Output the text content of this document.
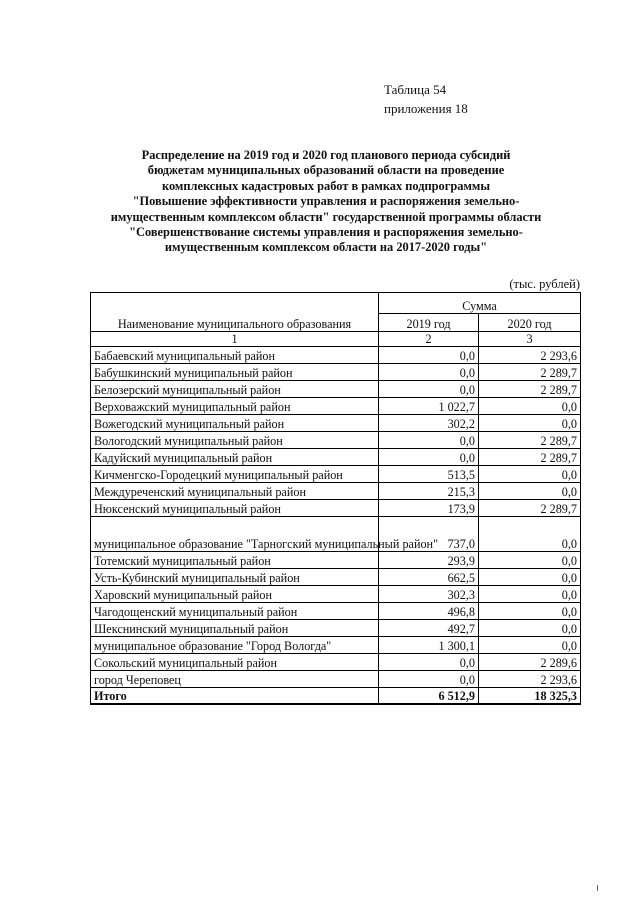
Таблица 54
приложения 18
Распределение на 2019 год и 2020 год планового периода субсидий
бюджетам муниципальных образований области на проведение
комплексных кадастровых работ в рамках подпрограммы
"Повышение эффективности управления и распоряжения земельно-
имущественным комплексом области" государственной программы области
"Совершенствование системы управления и распоряжения земельно-
имущественным комплексом области на 2017-2020 годы"
(тыс. рублей)
Наименование муниципального образования	Сумма	
	2019 год	2020 год
1	2	3
Бабаевский муниципальный район	0,0	2 293,6
Бабушкинский муниципальный район	0,0	2 289,7
Белозерский муниципальный район	0,0	2 289,7
Верховажский муниципальный район	1 022,7	0,0
Вожегодский муниципальный район	302,2	0,0
Вологодский муниципальный район	0,0	2 289,7
Кадуйский муниципальный район	0,0	2 289,7
Кичменгско-Городецкий муниципальный район	513,5	0,0
Междуреченский муниципальный район	215,3	0,0
Нюксенский муниципальный район	173,9	2 289,7
муниципальное образование "Тарногский муниципальный район"	737,0	0,0
Тотемский муниципальный район	293,9	0,0
Усть-Кубинский муниципальный район	662,5	0,0
Харовский муниципальный район	302,3	0,0
Чагодощенский муниципальный район	496,8	0,0
Шекснинский муниципальный район	492,7	0,0
муниципальное образование "Город Вологда"	1 300,1	0,0
Сокольский муниципальный район	0,0	2 289,6
город Череповец	0,0	2 293,6
Итого	6 512,9	18 325,3
